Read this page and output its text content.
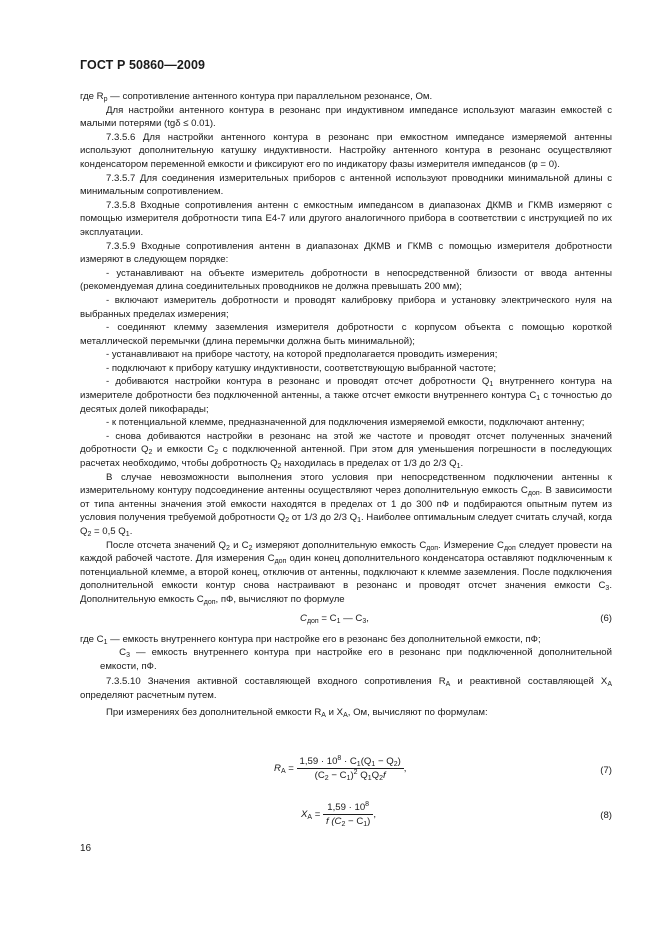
ГОСТ Р 50860—2009

где $R_р$ — сопротивление антенного контура при параллельном резонансе, Ом.

Для настройки антенного контура в резонанс при индуктивном импедансе используют магазин емкостей с малыми потерями (tgδ ≤ 0.01).

7.3.5.6 Для настройки антенного контура в резонанс при емкостном импедансе измеряемой антенны используют дополнительную катушку индуктивности. Настройку антенного контура в резонанс осуществляют конденсатором переменной емкости и фиксируют его по индикатору фазы измерителя импедансов (φ = 0).

7.3.5.7 Для соединения измерительных приборов с антенной используют проводники минимальной длины с минимальным сопротивлением.

7.3.5.8 Входные сопротивления антенн с емкостным импедансом в диапазонах ДКМВ и ГКМВ измеряют с помощью измерителя добротности типа Е4-7 или другого аналогичного прибора в соответствии с инструкцией по их эксплуатации.

7.3.5.9 Входные сопротивления антенн в диапазонах ДКМВ и ГКМВ с помощью измерителя добротности измеряют в следующем порядке:

- устанавливают на объекте измеритель добротности в непосредственной близости от ввода антенны (рекомендуемая длина соединительных проводников не должна превышать 200 мм);

- включают измеритель добротности и проводят калибровку прибора и установку электрического нуля на выбранных пределах измерения;

- соединяют клемму заземления измерителя добротности с корпусом объекта с помощью короткой металлической перемычки (длина перемычки должна быть минимальной);

- устанавливают на приборе частоту, на которой предполагается проводить измерения;

- подключают к прибору катушку индуктивности, соответствующую выбранной частоте;

- добиваются настройки контура в резонанс и проводят отсчет добротности $Q_1$ внутреннего контура на измерителе добротности без подключенной антенны, а также отсчет емкости внутреннего контура $C_1$ с точностью до десятых долей пикофарады;

- к потенциальной клемме, предназначенной для подключения измеряемой емкости, подключают антенну;

- снова добиваются настройки в резонанс на этой же частоте и проводят отсчет полученных значений добротности $Q_2$ и емкости $C_2$ с подключенной антенной. При этом для уменьшения погрешности в последующих расчетах необходимо, чтобы добротность $Q_2$ находилась в пределах от 1/3 до 2/3 $Q_1$.

В случае невозможности выполнения этого условия при непосредственном подключении антенны к измерительному контуру подсоединение антенны осуществляют через дополнительную емкость $C_{доп}$. В зависимости от типа антенны значения этой емкости находятся в пределах от 1 до 300 пФ и подбираются опытным путем из условия получения требуемой добротности $Q_2$ от 1/3 до 2/3 $Q_1$. Наиболее оптимальным следует считать случай, когда $Q_2 = 0,5$ $Q_1$.

После отсчета значений $Q_2$ и $C_2$ измеряют дополнительную емкость $C_{доп}$. Измерение $C_{доп}$ следует провести на каждой рабочей частоте. Для измерения $C_{доп}$ один конец дополнительного конденсатора оставляют подключенным к потенциальной клемме, а второй конец, отключив от антенны, подключают к клемме заземления. После подключения дополнительной емкости контур снова настраивают в резонанс и проводят отсчет значения емкости $C_3$. Дополнительную емкость $C_{доп}$, пФ, вычисляют по формуле

$C_{доп} = C_1$ — $C_3$,	(6)

где $C_1$ — емкость внутреннего контура при настройке его в резонанс без дополнительной емкости, пФ;

$C_3$ — емкость внутреннего контура при настройке его в резонанс при подключенной дополнительной емкости, пФ.

7.3.5.10 Значения активной составляющей входного сопротивления $R_А$ и реактивной составляющей $X_А$ определяют расчетным путем.

При измерениях без дополнительной емкости $R_А$ и $X_А$, Ом, вычисляют по формулам:

$R_А = \frac{1,59 \cdot 10^8 \cdot C_1(Q_1 - Q_2)}{(C_2 - C_1)^2 Q_1Q_2f}$ ,	(7)
$X_А = \frac{1,59 \cdot 10^8}{f (C_2 - C_1)}$ ,	(8)
16
